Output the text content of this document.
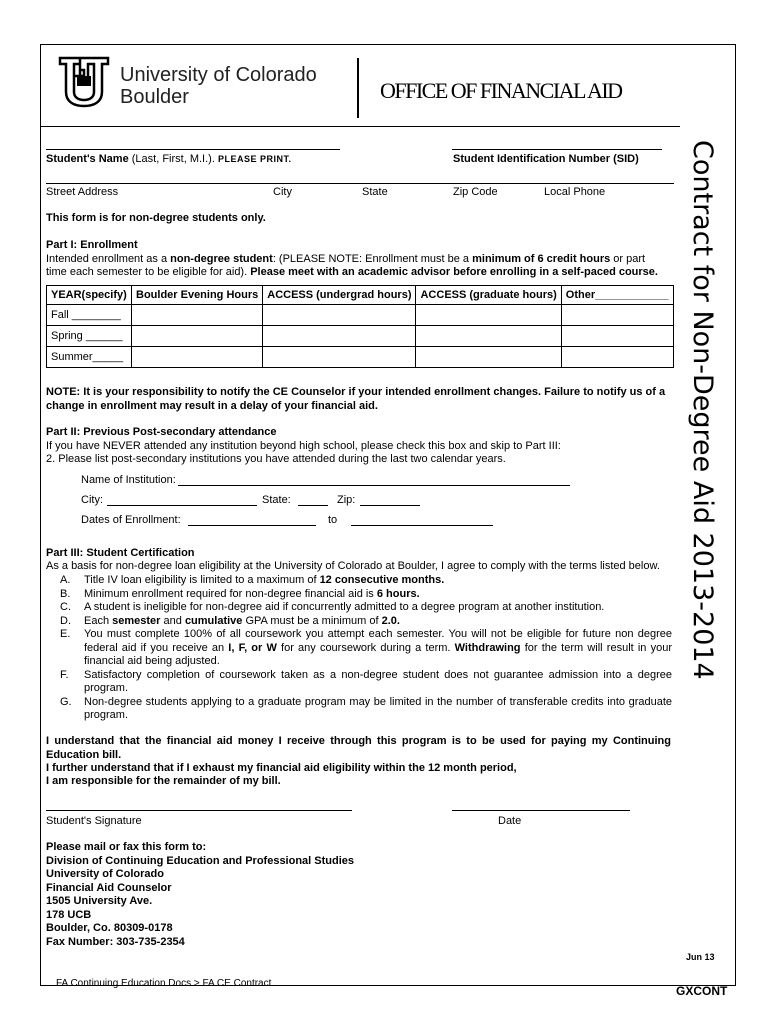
University of Colorado
Boulder	OFFICE OF FINANCIAL AID
Contract for Non-Degree Aid 2013-2014
Student's Name (Last, First, M.I.). PLEASE PRINT.	Student Identification Number (SID)
Street Address	City	State	Zip Code	Local Phone
This form is for non-degree students only.
Part I: Enrollment
Intended enrollment as a non-degree student: (PLEASE NOTE: Enrollment must be a minimum of 6 credit hours or part
time each semester to be eligible for aid). Please meet with an academic advisor before enrolling in a self-paced course.
YEAR(specify)	Boulder Evening Hours	ACCESS (undergrad hours)	ACCESS (graduate hours)	Other____________
Fall ________				
Spring ______				
Summer_____				
NOTE: It is your responsibility to notify the CE Counselor if your intended enrollment changes. Failure to notify us of a change in enrollment may result in a delay of your financial aid.
Part II: Previous Post-secondary attendance
If you have NEVER attended any institution beyond high school, please check this box and skip to Part III:
2. Please list post-secondary institutions you have attended during the last two calendar years.
Name of Institution:
City:	State:	Zip:
Dates of Enrollment:	to
Part III: Student Certification
As a basis for non-degree loan eligibility at the University of Colorado at Boulder, I agree to comply with the terms listed below.
A.	Title IV loan eligibility is limited to a maximum of 12 consecutive months.
B.	Minimum enrollment required for non-degree financial aid is 6 hours.
C.	A student is ineligible for non-degree aid if concurrently admitted to a degree program at another institution.
D.	Each semester and cumulative GPA must be a minimum of 2.0.
E.	You must complete 100% of all coursework you attempt each semester. You will not be eligible for future non degree federal aid if you receive an I, F, or W for any coursework during a term. Withdrawing for the term will result in your financial aid being adjusted.
F.	Satisfactory completion of coursework taken as a non-degree student does not guarantee admission into a degree program.
G.	Non-degree students applying to a graduate program may be limited in the number of transferable credits into graduate program.
I understand that the financial aid money I receive through this program is to be used for paying my Continuing Education bill.
I further understand that if I exhaust my financial aid eligibility within the 12 month period,
I am responsible for the remainder of my bill.
Student's Signature	Date
Please mail or fax this form to:
Division of Continuing Education and Professional Studies
University of Colorado
Financial Aid Counselor
1505 University Ave.
178 UCB
Boulder, Co. 80309-0178
Fax Number: 303-735-2354
Jun 13
FA Continuing Education Docs > FA CE Contract
GXCONT
